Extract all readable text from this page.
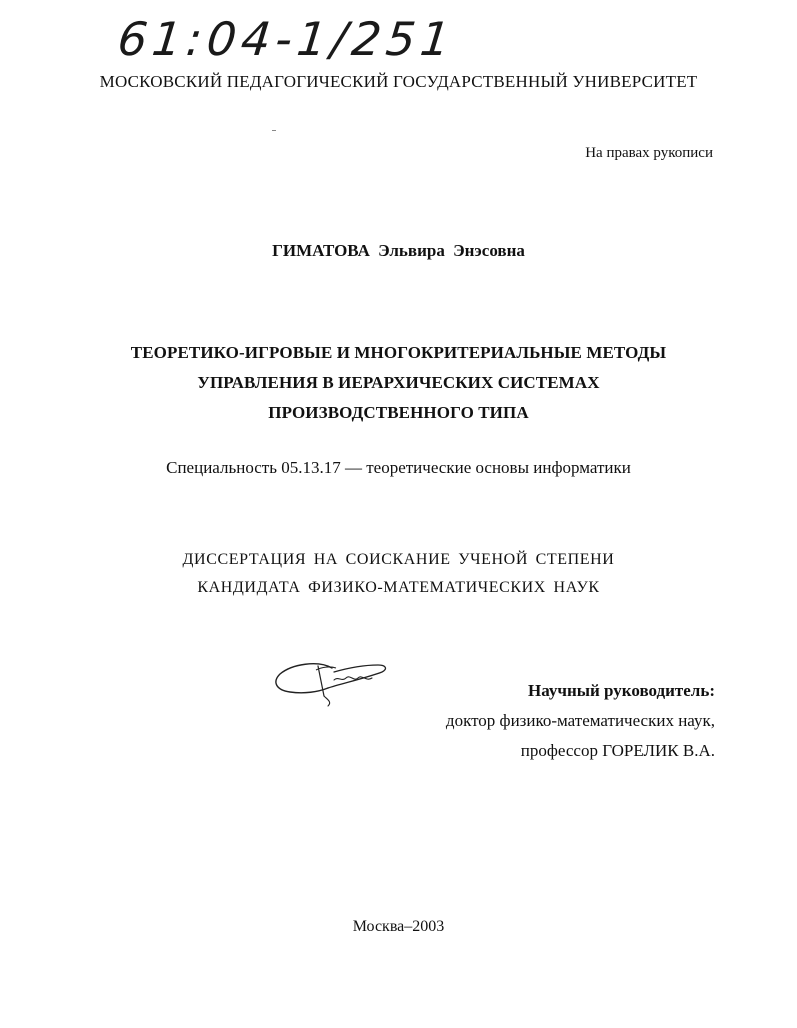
61:04-1/251
МОСКОВСКИЙ ПЕДАГОГИЧЕСКИЙ ГОСУДАРСТВЕННЫЙ УНИВЕРСИТЕТ
На правах рукописи
ГИМАТОВА Эльвира Энэсовна
ТЕОРЕТИКО-ИГРОВЫЕ И МНОГОКРИТЕРИАЛЬНЫЕ МЕТОДЫ
УПРАВЛЕНИЯ В ИЕРАРХИЧЕСКИХ СИСТЕМАХ
ПРОИЗВОДСТВЕННОГО ТИПА
Специальность 05.13.17 — теоретические основы информатики
ДИССЕРТАЦИЯ НА СОИСКАНИЕ УЧЕНОЙ СТЕПЕНИ
КАНДИДАТА ФИЗИКО-МАТЕМАТИЧЕСКИХ НАУК
Научный руководитель:
доктор физико-математических наук,
профессор ГОРЕЛИК В.А.
Москва–2003
